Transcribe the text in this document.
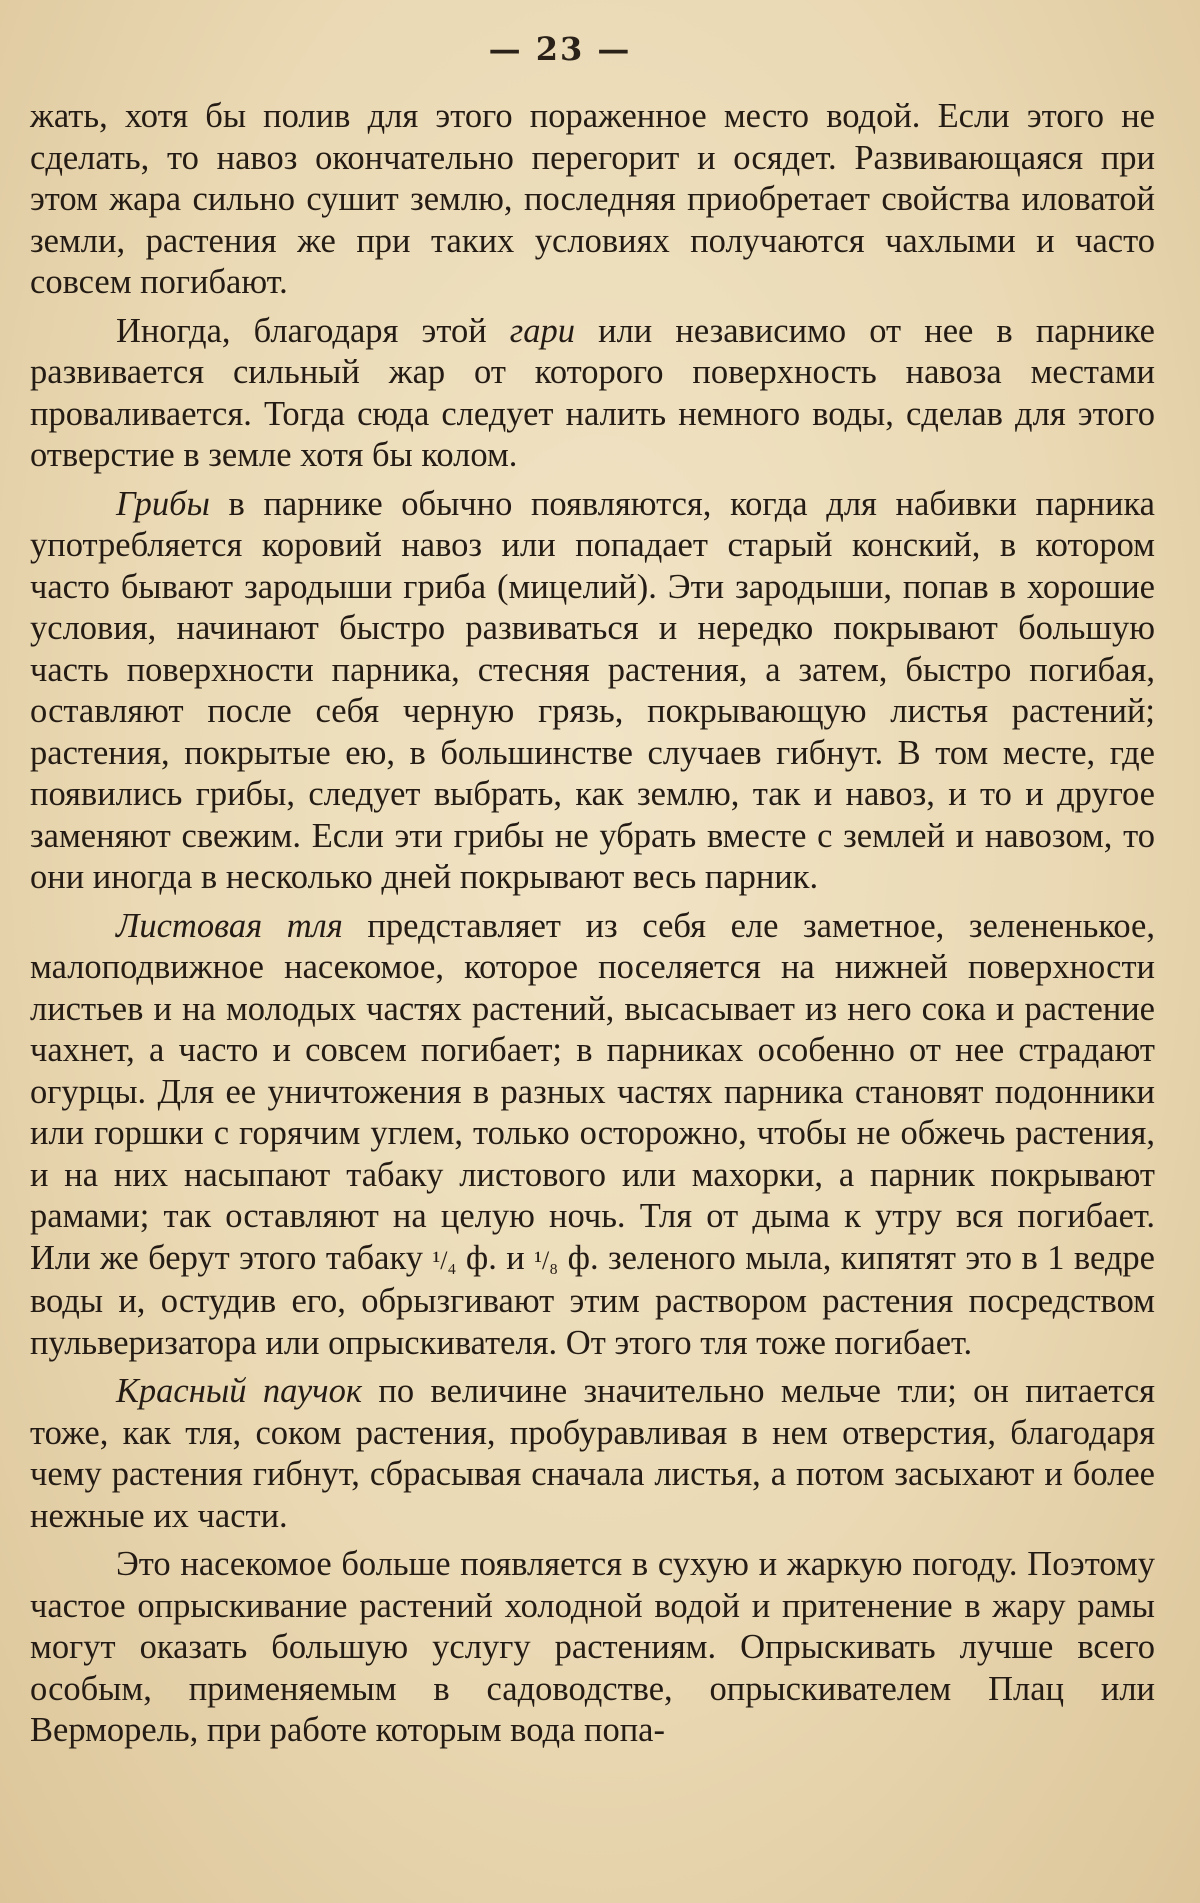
— 23 —

жать, хотя бы полив для этого пораженное место водой. Если этого не сделать, то навоз окончательно перегорит и осядет. Развивающаяся при этом жара сильно сушит землю, последняя приобретает свойства иловатой земли, растения же при таких условиях получаются чахлыми и часто совсем погибают.

Иногда, благодаря этой гари или независимо от нее в парнике развивается сильный жар от которого поверхность навоза местами проваливается. Тогда сюда следует налить немного воды, сделав для этого отверстие в земле хотя бы колом.

Грибы в парнике обычно появляются, когда для набивки парника употребляется коровий навоз или попадает старый конский, в котором часто бывают зародыши гриба (мицелий). Эти зародыши, попав в хорошие условия, начинают быстро развиваться и нередко покрывают большую часть поверхности парника, стесняя растения, а затем, быстро погибая, оставляют после себя черную грязь, покрывающую листья растений; растения, покрытые ею, в большинстве случаев гибнут. В том месте, где появились грибы, следует выбрать, как землю, так и навоз, и то и другое заменяют свежим. Если эти грибы не убрать вместе с землей и навозом, то они иногда в несколько дней покрывают весь парник.

Листовая тля представляет из себя еле заметное, зелененькое, малоподвижное насекомое, которое поселяется на нижней поверхности листьев и на молодых частях растений, высасывает из него сока и растение чахнет, а часто и совсем погибает; в парниках особенно от нее страдают огурцы. Для ее уничтожения в разных частях парника становят подонники или горшки с горячим углем, только осторожно, чтобы не обжечь растения, и на них насыпают табаку листового или махорки, а парник покрывают рамами; так оставляют на целую ночь. Тля от дыма к утру вся погибает. Или же берут этого табаку ¹/₄ ф. и ¹/₈ ф. зеленого мыла, кипятят это в 1 ведре воды и, остудив его, обрызгивают этим раствором растения посредством пульверизатора или опрыскивателя. От этого тля тоже погибает.

Красный паучок по величине значительно мельче тли; он питается тоже, как тля, соком растения, пробуравливая в нем отверстия, благодаря чему растения гибнут, сбрасывая сначала листья, а потом засыхают и более нежные их части.

Это насекомое больше появляется в сухую и жаркую погоду. Поэтому частое опрыскивание растений холодной водой и притенение в жару рамы могут оказать большую услугу растениям. Опрыскивать лучше всего особым, применяемым в садоводстве, опрыскивателем Плац или Верморель, при работе которым вода попа-
